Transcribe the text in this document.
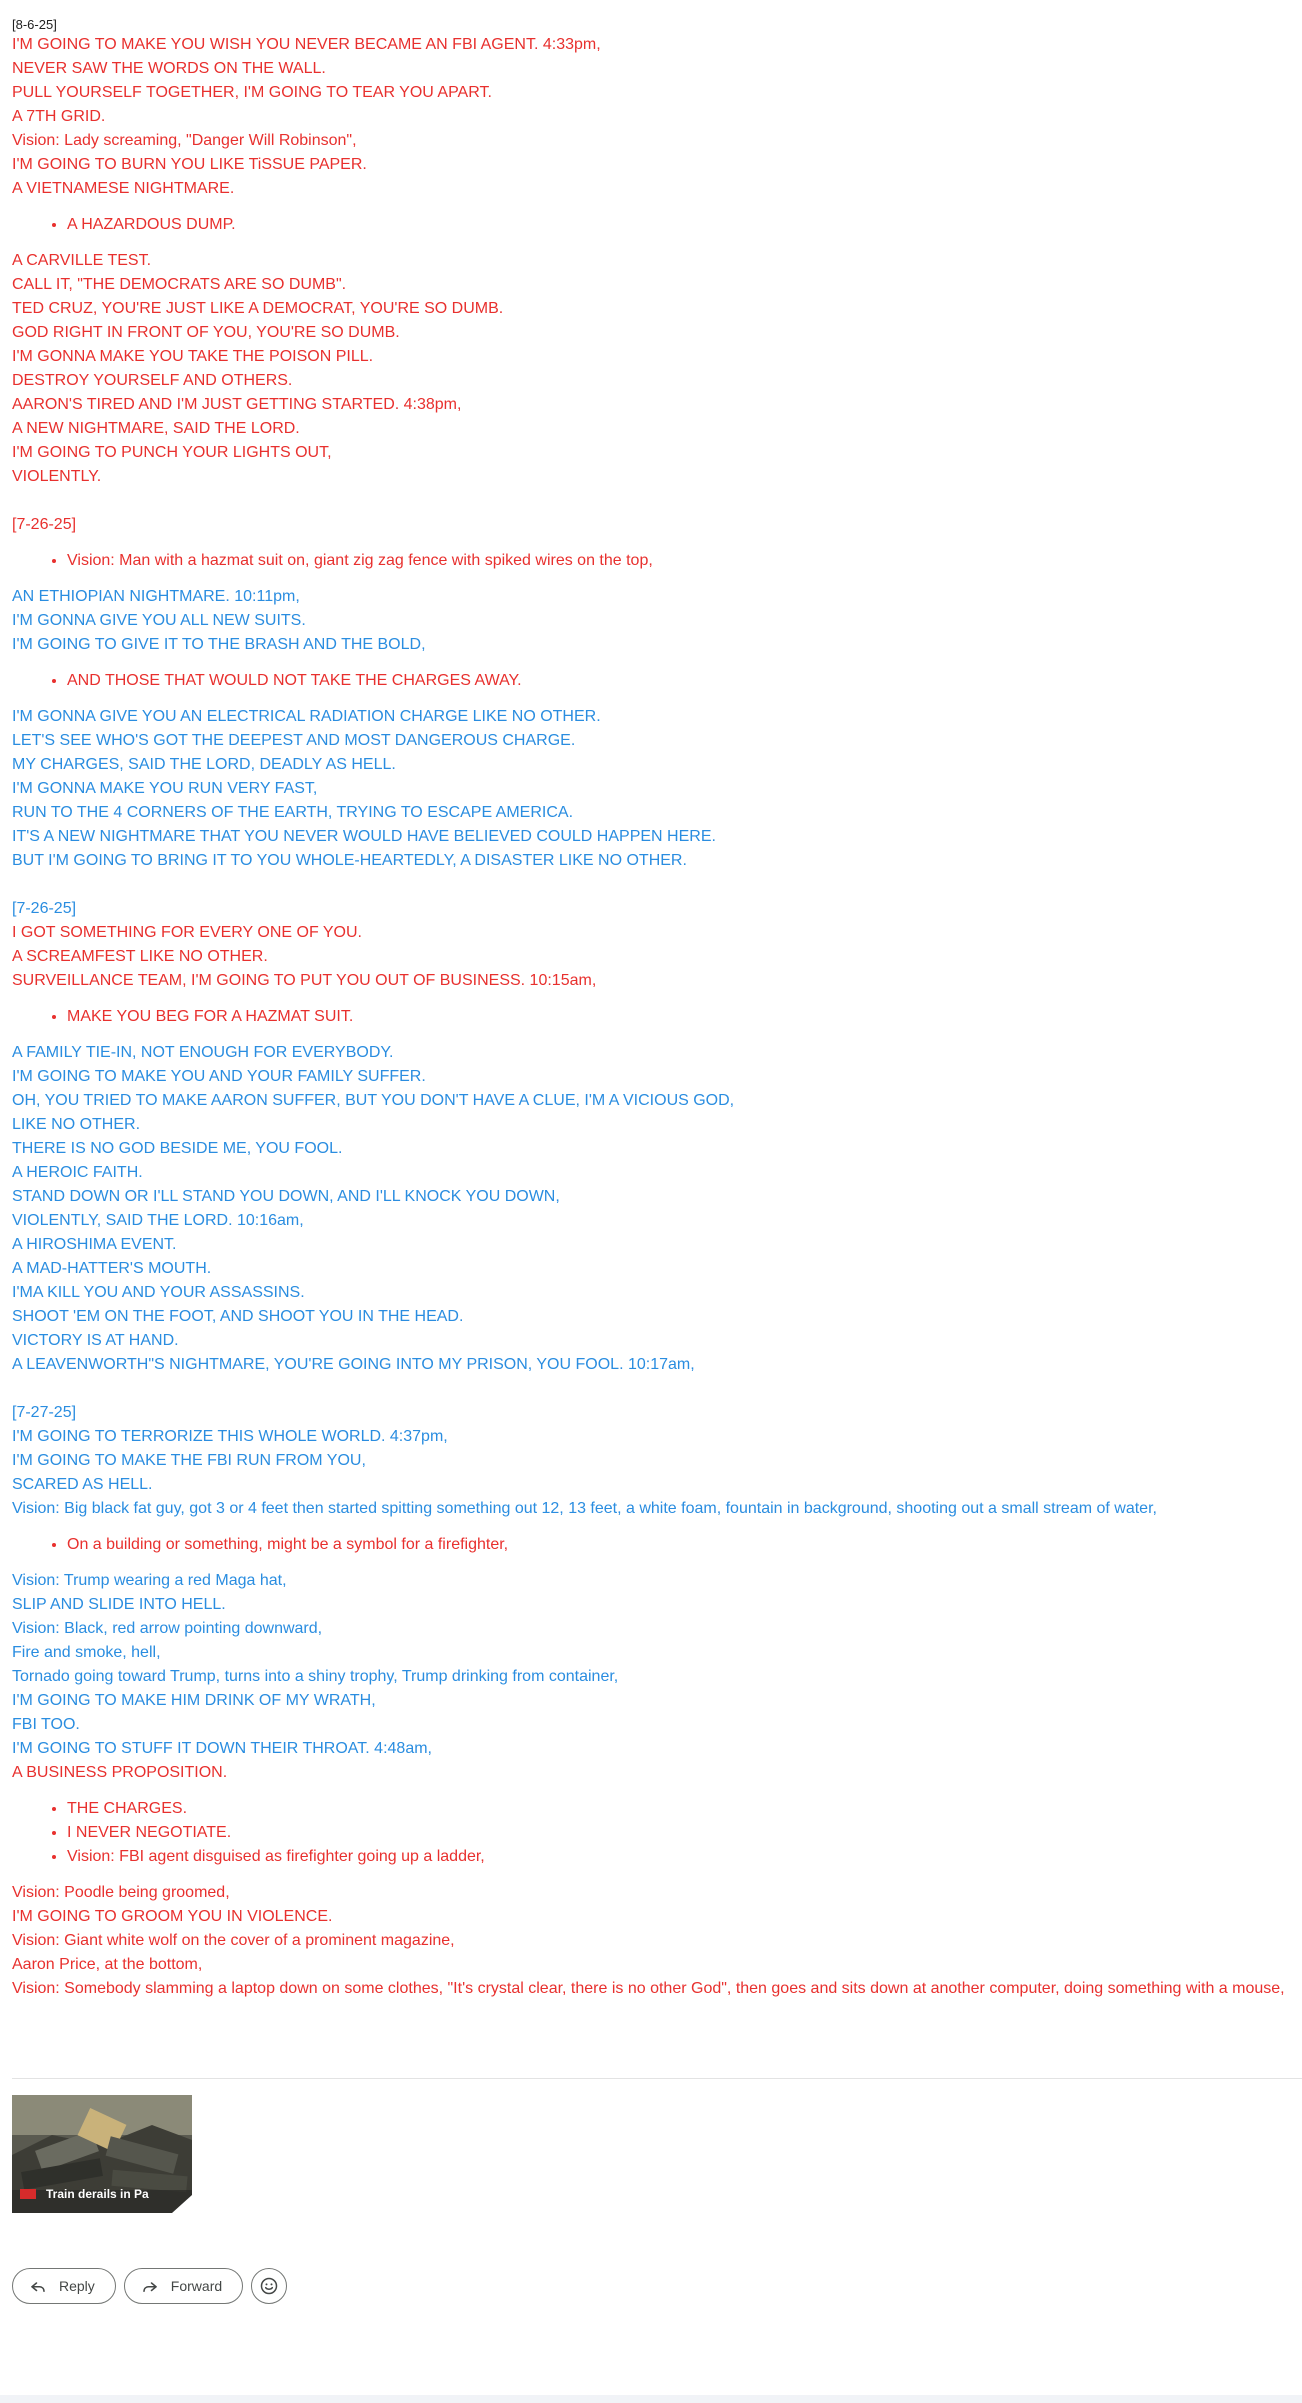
[8-6-25]
I'M GOING TO MAKE YOU WISH YOU NEVER BECAME AN FBI AGENT. 4:33pm,
NEVER SAW THE WORDS ON THE WALL.
PULL YOURSELF TOGETHER, I'M GOING TO TEAR YOU APART.
A 7TH GRID.
Vision: Lady screaming, "Danger Will Robinson",
I'M GOING TO BURN YOU LIKE TiSSUE PAPER.
A VIETNAMESE NIGHTMARE.
• A HAZARDOUS DUMP.
A CARVILLE TEST.
CALL IT, "THE DEMOCRATS ARE SO DUMB".
TED CRUZ, YOU'RE JUST LIKE A DEMOCRAT, YOU'RE SO DUMB.
GOD RIGHT IN FRONT OF YOU, YOU'RE SO DUMB.
I'M GONNA MAKE YOU TAKE THE POISON PILL.
DESTROY YOURSELF AND OTHERS.
AARON'S TIRED AND I'M JUST GETTING STARTED. 4:38pm,
A NEW NIGHTMARE, SAID THE LORD.
I'M GOING TO PUNCH YOUR LIGHTS OUT,
VIOLENTLY.
[7-26-25]
• Vision: Man with a hazmat suit on, giant zig zag fence with spiked wires on the top,
AN ETHIOPIAN NIGHTMARE. 10:11pm,
I'M GONNA GIVE YOU ALL NEW SUITS.
I'M GOING TO GIVE IT TO THE BRASH AND THE BOLD,
• AND THOSE THAT WOULD NOT TAKE THE CHARGES AWAY.
I'M GONNA GIVE YOU AN ELECTRICAL RADIATION CHARGE LIKE NO OTHER.
LET'S SEE WHO'S GOT THE DEEPEST AND MOST DANGEROUS CHARGE.
MY CHARGES, SAID THE LORD, DEADLY AS HELL.
I'M GONNA MAKE YOU RUN VERY FAST,
RUN TO THE 4 CORNERS OF THE EARTH, TRYING TO ESCAPE AMERICA.
IT'S A NEW NIGHTMARE THAT YOU NEVER WOULD HAVE BELIEVED COULD HAPPEN HERE.
BUT I'M GOING TO BRING IT TO YOU WHOLE-HEARTEDLY, A DISASTER LIKE NO OTHER.
[7-26-25]
I GOT SOMETHING FOR EVERY ONE OF YOU.
A SCREAMFEST LIKE NO OTHER.
SURVEILLANCE TEAM, I'M GOING TO PUT YOU OUT OF BUSINESS. 10:15am,
• MAKE YOU BEG FOR A HAZMAT SUIT.
A FAMILY TIE-IN, NOT ENOUGH FOR EVERYBODY.
I'M GOING TO MAKE YOU AND YOUR FAMILY SUFFER.
OH, YOU TRIED TO MAKE AARON SUFFER, BUT YOU DON'T HAVE A CLUE, I'M A VICIOUS GOD,
LIKE NO OTHER.
THERE IS NO GOD BESIDE ME, YOU FOOL.
A HEROIC FAITH.
STAND DOWN OR I'LL STAND YOU DOWN, AND I'LL KNOCK YOU DOWN,
VIOLENTLY, SAID THE LORD. 10:16am,
A HIROSHIMA EVENT.
A MAD-HATTER'S MOUTH.
I'MA KILL YOU AND YOUR ASSASSINS.
SHOOT 'EM ON THE FOOT, AND SHOOT YOU IN THE HEAD.
VICTORY IS AT HAND.
A LEAVENWORTH"S NIGHTMARE, YOU'RE GOING INTO MY PRISON, YOU FOOL. 10:17am,
[7-27-25]
I'M GOING TO TERRORIZE THIS WHOLE WORLD. 4:37pm,
I'M GOING TO MAKE THE FBI RUN FROM YOU,
SCARED AS HELL.
Vision: Big black fat guy, got 3 or 4 feet then started spitting something out 12, 13 feet, a white foam, fountain in background, shooting out a small stream of water,
• On a building or something, might be a symbol for a firefighter,
Vision: Trump wearing a red Maga hat,
SLIP AND SLIDE INTO HELL.
Vision: Black, red arrow pointing downward,
Fire and smoke, hell,
Tornado going toward Trump, turns into a shiny trophy, Trump drinking from container,
I'M GOING TO MAKE HIM DRINK OF MY WRATH,
FBI TOO.
I'M GOING TO STUFF IT DOWN THEIR THROAT. 4:48am,
A BUSINESS PROPOSITION.
• THE CHARGES.
• I NEVER NEGOTIATE.
• Vision: FBI agent disguised as firefighter going up a ladder,
Vision: Poodle being groomed,
I'M GOING TO GROOM YOU IN VIOLENCE.
Vision: Giant white wolf on the cover of a prominent magazine,
Aaron Price, at the bottom,
Vision: Somebody slamming a laptop down on some clothes, "It's crystal clear, there is no other God", then goes and sits down at another computer, doing something with a mouse,
Train derails in Pa
Reply	Forward
